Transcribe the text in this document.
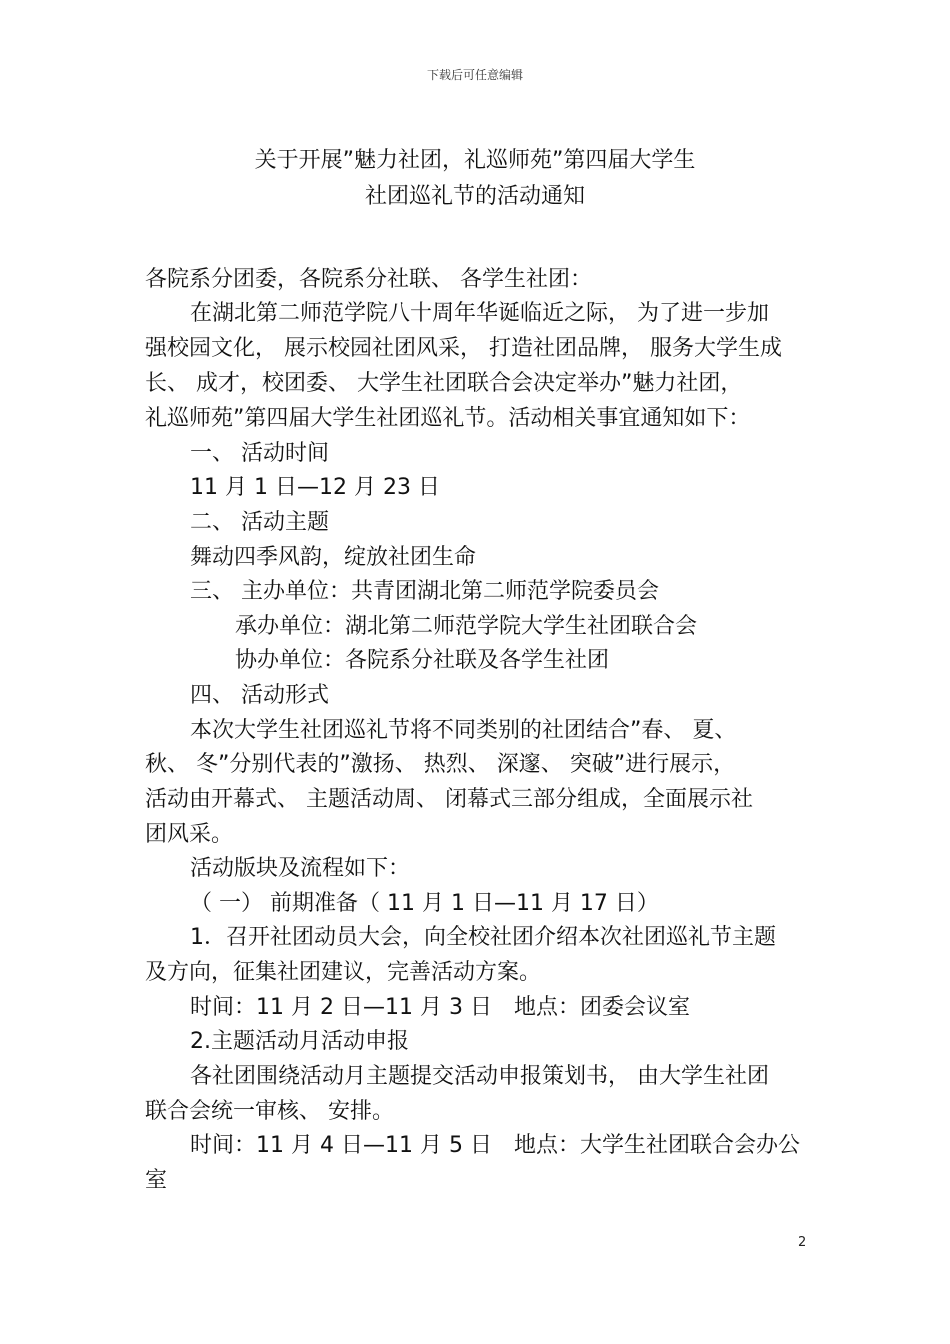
下载后可任意编辑
关于开展”魅力社团，礼巡师苑”第四届大学生
社团巡礼节的活动通知
各院系分团委，各院系分社联、 各学生社团：
在湖北第二师范学院八十周年华诞临近之际， 为了进一步加
强校园文化， 展示校园社团风采， 打造社团品牌， 服务大学生成
长、 成才，校团委、 大学生社团联合会决定举办”魅力社团，
礼巡师苑”第四届大学生社团巡礼节。活动相关事宜通知如下：
一、 活动时间
11 月 1 日—12 月 23 日
二、 活动主题
舞动四季风韵，绽放社团生命
三、 主办单位：共青团湖北第二师范学院委员会
承办单位：湖北第二师范学院大学生社团联合会
协办单位：各院系分社联及各学生社团
四、 活动形式
本次大学生社团巡礼节将不同类别的社团结合”春、 夏、
秋、 冬”分别代表的”激扬、 热烈、 深邃、 突破”进行展示，
活动由开幕式、 主题活动周、 闭幕式三部分组成，全面展示社
团风采。
活动版块及流程如下：
（ 一） 前期准备（ 11 月 1 日—11 月 17 日）
1．召开社团动员大会，向全校社团介绍本次社团巡礼节主题
及方向，征集社团建议，完善活动方案。
时间：11 月 2 日—11 月 3 日　地点：团委会议室
2.主题活动月活动申报
各社团围绕活动月主题提交活动申报策划书， 由大学生社团
联合会统一审核、 安排。
时间：11 月 4 日—11 月 5 日　地点：大学生社团联合会办公
室
2
